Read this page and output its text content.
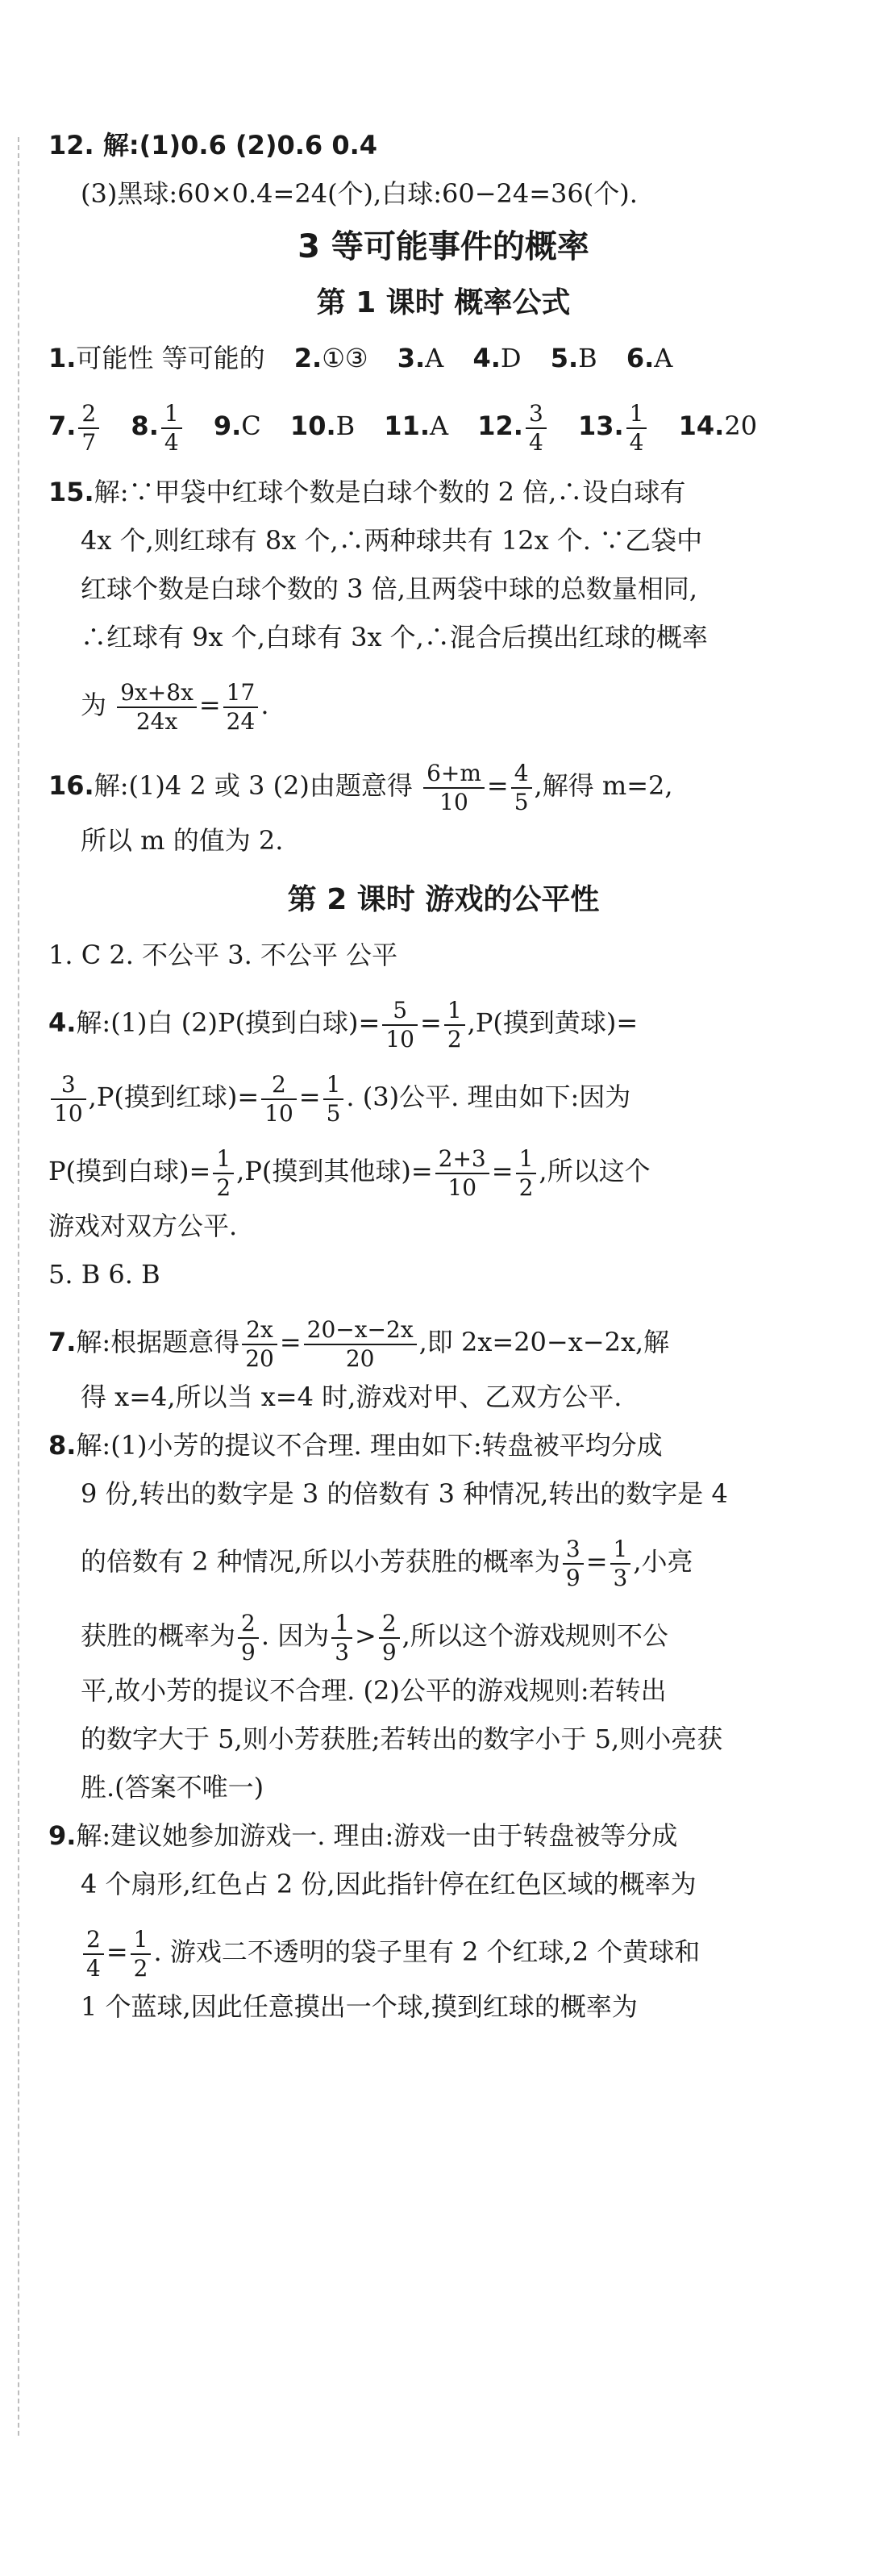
12. 解:(1)0.6 (2)0.6 0.4
(3)黑球:60×0.4=24(个),白球:60−24=36(个).
3 等可能事件的概率
第 1 课时 概率公式
1.可能性 等可能的 2.①③ 3.A 4.D 5.B 6.A
7. $\frac{2}{7} 8$. $\frac{1}{4} 9.C$ 10.B 11.A 12. $\frac{3}{4} 13$. $\frac{1}{4} 14.20$
15.解:∵甲袋中红球个数是白球个数的 2 倍,∴设白球有
4x 个,则红球有 8x 个,∴两种球共有 12x 个. ∵乙袋中
红球个数是白球个数的 3 倍,且两袋中球的总数量相同,
∴红球有 9x 个,白球有 3x 个,∴混合后摸出红球的概率
为 $\frac{9x+8x}{24x} = \frac{17}{24}$ .
16.解:(1)4 2 或 3 (2)由题意得 $\frac{6+m}{10} = \frac{4}{5}$ ,解得 m=2,
所以 m 的值为 2.
第 2 课时 游戏的公平性
1. C 2. 不公平 3. 不公平 公平
4.解:(1)白 (2)P(摸到白球)= $\frac{5}{10} = \frac{1}{2} ,P$(摸到黄球)=
$\frac{3}{10} ,P$(摸到红球)= $\frac{2}{10} = \frac{1}{5}$ . (3)公平. 理由如下:因为
P(摸到白球)= $\frac{1}{2} ,P$(摸到其他球)= $\frac{2+3}{10} = \frac{1}{2}$ ,所以这个
游戏对双方公平.
5. B 6. B
7.解:根据题意得 $\frac{2x}{20} = \frac{20-x-2x}{20}$ ,即 2x=20−x−2x,解
得 x=4,所以当 x=4 时,游戏对甲、乙双方公平.
8.解:(1)小芳的提议不合理. 理由如下:转盘被平均分成
9 份,转出的数字是 3 的倍数有 3 种情况,转出的数字是 4
的倍数有 2 种情况,所以小芳获胜的概率为 $\frac{3}{9} = \frac{1}{3}$ ,小亮
获胜的概率为 $\frac{2}{9}$ . 因为 $\frac{1}{3} > \frac{2}{9}$ ,所以这个游戏规则不公
平,故小芳的提议不合理. (2)公平的游戏规则:若转出
的数字大于 5,则小芳获胜;若转出的数字小于 5,则小亮获
胜.(答案不唯一)
9.解:建议她参加游戏一. 理由:游戏一由于转盘被等分成
4 个扇形,红色占 2 份,因此指针停在红色区域的概率为
$\frac{2}{4} = \frac{1}{2}$ . 游戏二不透明的袋子里有 2 个红球,2 个黄球和
1 个蓝球,因此任意摸出一个球,摸到红球的概率为
